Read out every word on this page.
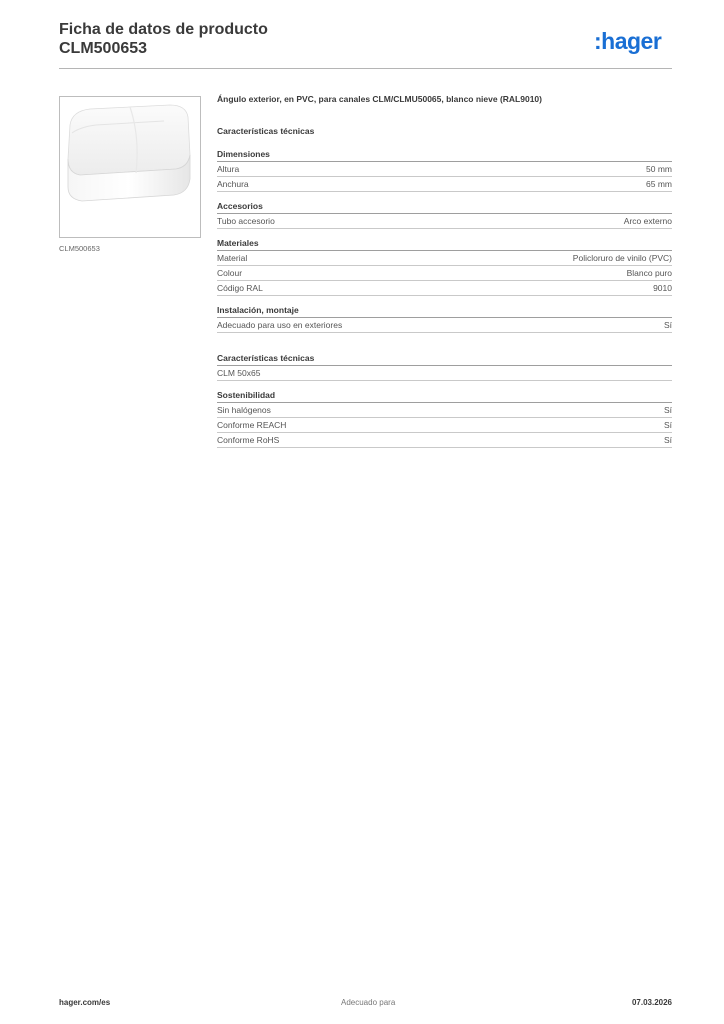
Ficha de datos de producto
CLM500653	:hager
CLM500653

Ángulo exterior, en PVC, para canales CLM/CLMU50065, blanco nieve (RAL9010)

Características técnicas

Dimensiones

Altura	50 mm
Anchura	65 mm

Accesorios

Tubo accesorio	Arco externo

Materiales

Material	Policloruro de vinilo (PVC)
Colour	Blanco puro
Código RAL	9010

Instalación, montaje

Adecuado para uso en exteriores	Sí

Características técnicas

CLM 50x65

Sostenibilidad

Sin halógenos	Sí
Conforme REACH	Sí
Conforme RoHS	Sí
hager.com/es	Adecuado para	07.03.2026
